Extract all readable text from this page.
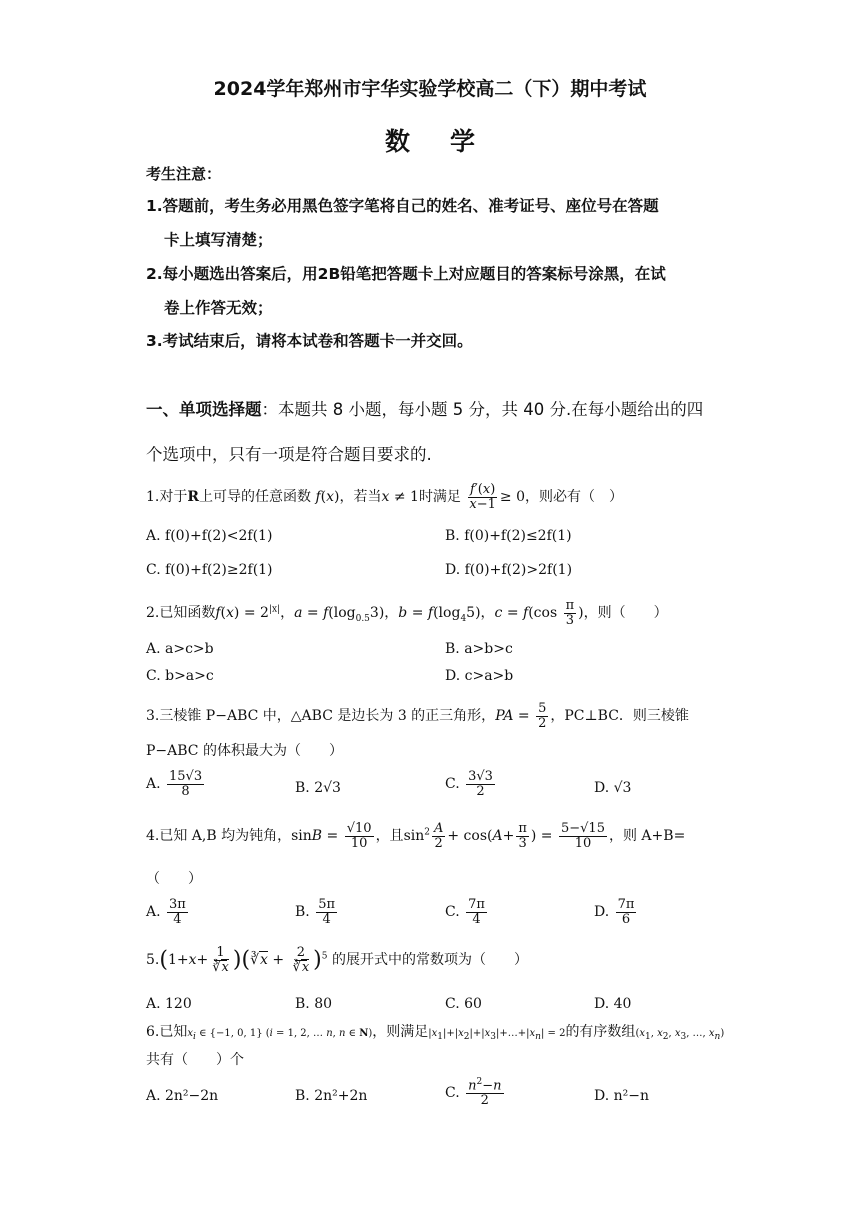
2024学年郑州市宇华实验学校高二（下）期中考试
数学
考生注意：
1.答题前，考生务必用黑色签字笔将自己的姓名、准考证号、座位号在答题
卡上填写清楚；
2.每小题选出答案后，用2B铅笔把答题卡上对应题目的答案标号涂黑，在试
卷上作答无效；
3.考试结束后，请将本试卷和答题卡一并交回。
一、单项选择题：本题共 8 小题，每小题 5 分，共 40 分.在每小题给出的四
个选项中，只有一项是符合题目要求的.
1.对于R上可导的任意函数 f(x)，若当x ≠ 1时满足 $\frac{f'(x)}{x-1} \ge 0$，则必有（　）
A. f(0)+f(2)<2f(1)	B. f(0)+f(2)≤2f(1)
C. f(0)+f(2)≥2f(1)	D. f(0)+f(2)>2f(1)
2.已知函数$f(x) = 2^{|x|}$，$a = f(\log_{0.5}3)$，$b = f(\log_45)$，$c = f(\cos \frac{\pi}{3}$ )，则（　　）
A. a>c>b	B. a>b>c
C. b>a>c	D. c>a>b
3.三棱锥 P−ABC 中，△ABC 是边长为 3 的正三角形，PA = $\frac{5}{2}$ ，PC⊥BC．则三棱锥
P−ABC 的体积最大为（　　）
A. $\frac{15√3}{8}$	B. 2√3	C. $\frac{3√3}{2}$	D. √3
4.已知 A,B 均为钝角，$\sin B = \frac{√10}{10}$ ，且$\sin^2 \frac{A}{2} + \cos(A+ \frac{\pi}{3}$ ) = $\frac{5-√15}{10}$ ，则 A+B=
（　　）
A. $\frac{3\pi}{4}$	B. $\frac{5\pi}{4}$	C. $\frac{7\pi}{4}$	D. $\frac{7\pi}{6}$
$5.(1+x+ \frac{1}{∛x}$ )(∛x + $\frac{2}{∛x} )^5$ 的展开式中的常数项为（　　）
A. 120	B. 80	C. 60	D. 40
6.已知$x_i$ ∈ {−1, 0, 1} (i = 1, 2, … n, n ∈ N)，则满足$|x_1|+|x_2|+|x_3|+\dots+|x_n| = 2$的有序数组($x_1$, $x_2$, $x_3$, …, $x_n$)
共有（　　）个
A. 2n²−2n	B. 2n²+2n	C. $\frac{n^2-n}{2}$	D. n²−n
